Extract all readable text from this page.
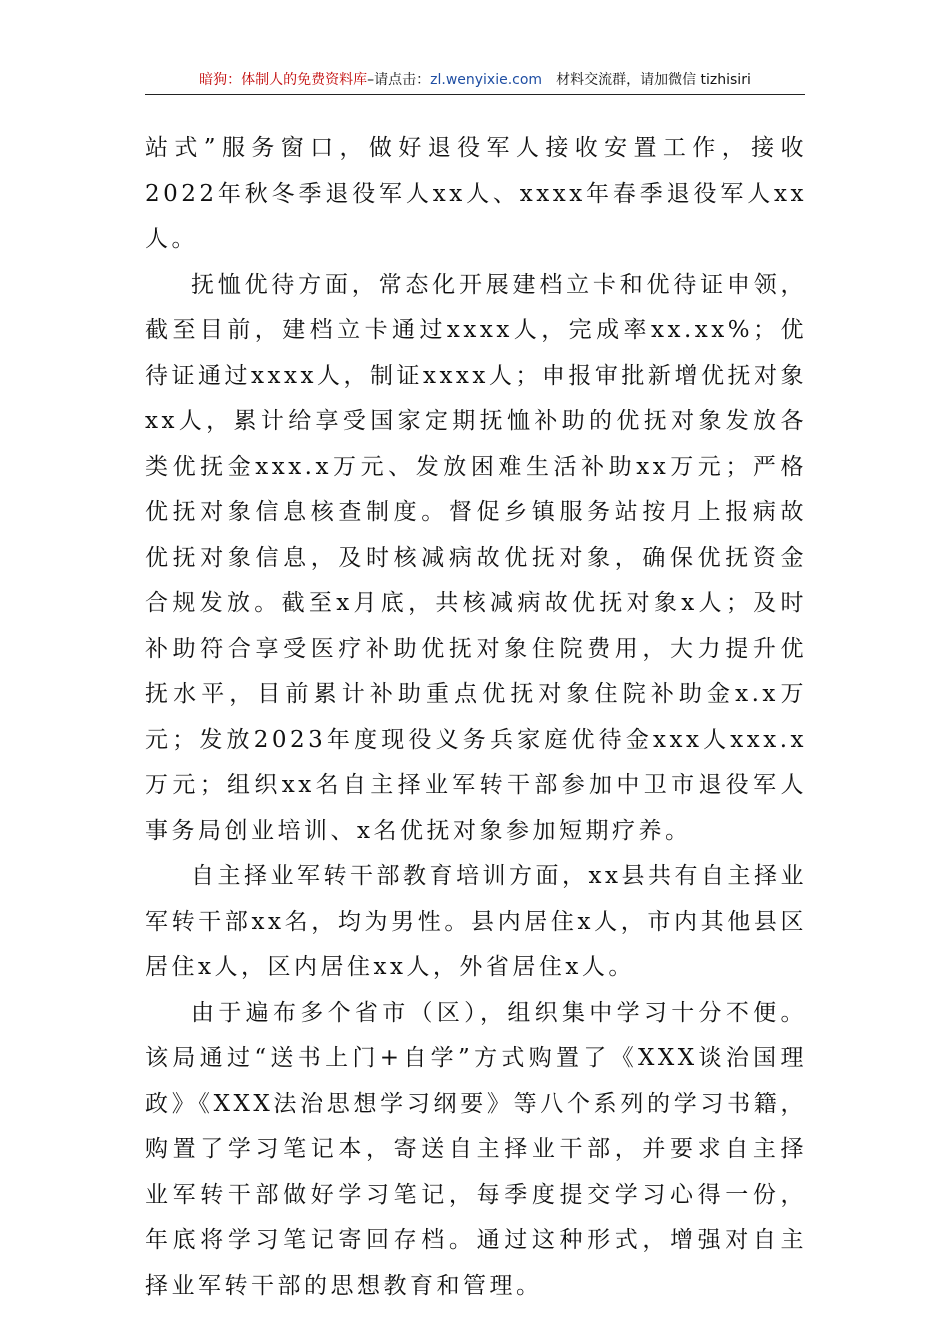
暗狗：体制人的免费资料库–请点击：zl.wenyixie.com 材料交流群，请加微信 tizhisiri

站式”服务窗口，做好退役军人接收安置工作，接收2022年秋冬季退役军人xx人、xxxx年春季退役军人xx人。

抚恤优待方面，常态化开展建档立卡和优待证申领，截至目前，建档立卡通过xxxx人，完成率xx.xx%；优待证通过xxxx人，制证xxxx人；申报审批新增优抚对象xx人，累计给享受国家定期抚恤补助的优抚对象发放各类优抚金xxx.x万元、发放困难生活补助xx万元；严格优抚对象信息核查制度。督促乡镇服务站按月上报病故优抚对象信息，及时核减病故优抚对象，确保优抚资金合规发放。截至x月底，共核减病故优抚对象x人；及时补助符合享受医疗补助优抚对象住院费用，大力提升优抚水平，目前累计补助重点优抚对象住院补助金x.x万元；发放2023年度现役义务兵家庭优待金xxx人xxx.x万元；组织xx名自主择业军转干部参加中卫市退役军人事务局创业培训、x名优抚对象参加短期疗养。

自主择业军转干部教育培训方面，xx县共有自主择业军转干部xx名，均为男性。县内居住x人，市内其他县区居住x人，区内居住xx人，外省居住x人。

由于遍布多个省市（区），组织集中学习十分不便。该局通过“送书上门+自学”方式购置了《XXX谈治国理政》《XXX法治思想学习纲要》等八个系列的学习书籍，购置了学习笔记本，寄送自主择业干部，并要求自主择业军转干部做好学习笔记，每季度提交学习心得一份，年底将学习笔记寄回存档。通过这种形式，增强对自主择业军转干部的思想教育和管理。
